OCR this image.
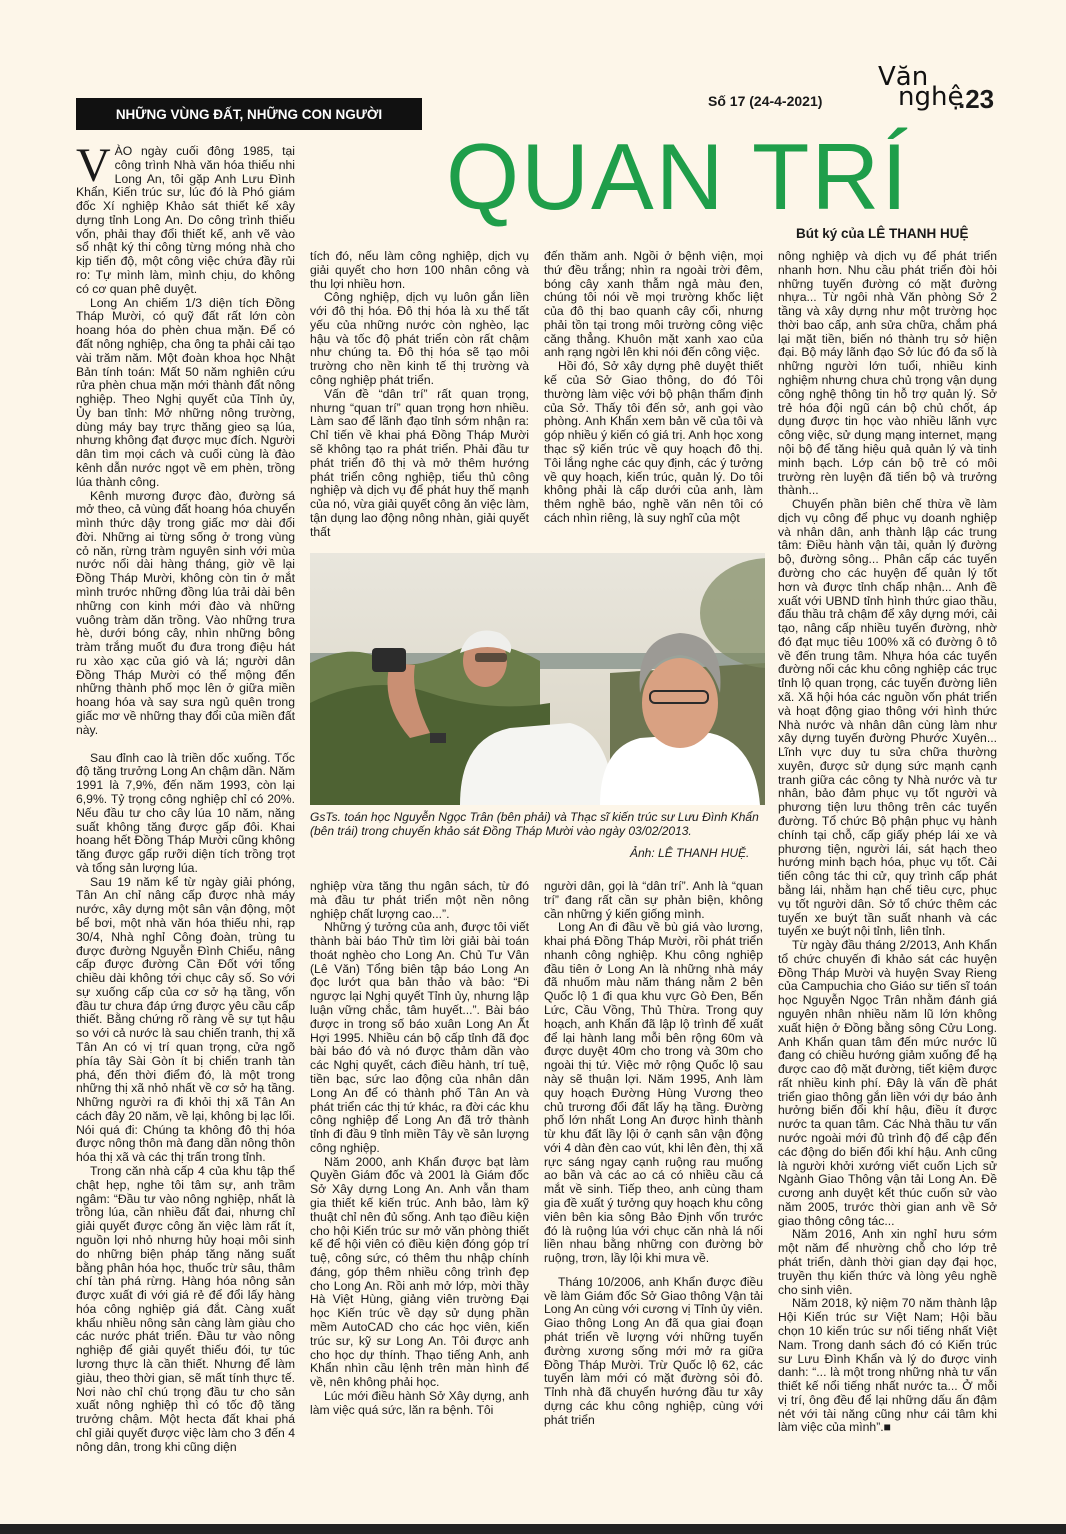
NHỮNG VÙNG ĐẤT, NHỮNG CON NGƯỜI
Số 17 (24-4-2021)
Văn
nghệ
.23
QUAN TRÍ
Bút ký của LÊ THANH HUỆ
V ÀO ngày cuối đông 1985, tại công trình Nhà văn hóa thiếu nhi Long An, tôi gặp Anh Lưu Đình Khẩn, Kiến trúc sư, lúc đó là Phó giám đốc Xí nghiệp Khảo sát thiết kế xây dựng tỉnh Long An. Do công trình thiếu vốn, phải thay đổi thiết kế, anh vẽ vào sổ nhật ký thi công từng móng nhà cho kịp tiến độ, một công việc chứa đầy rủi ro: Tự mình làm, mình chịu, do không có cơ quan phê duyệt.

Long An chiếm 1/3 diện tích Đồng Tháp Mười, có quỹ đất rất lớn còn hoang hóa do phèn chua mặn. Để có đất nông nghiệp, cha ông ta phải cải tạo vài trăm năm. Một đoàn khoa học Nhật Bản tính toán: Mất 50 năm nghiên cứu rửa phèn chua mặn mới thành đất nông nghiệp. Theo Nghị quyết của Tỉnh ủy, Ủy ban tỉnh: Mở những nông trường, dùng máy bay trực thăng gieo sạ lúa, nhưng không đạt được mục đích. Người dân tìm mọi cách và cuối cùng là đào kênh dẫn nước ngọt về em phèn, trồng lúa thành công.

Kênh mương được đào, đường sá mở theo, cả vùng đất hoang hóa chuyển mình thức dậy trong giấc mơ dài đổi đời. Những ai từng sống ở trong vùng cỏ năn, rừng tràm nguyên sinh với mùa nước nổi dài hàng tháng, giờ về lại Đồng Tháp Mười, không còn tin ở mắt mình trước những đồng lúa trải dài bên những con kinh mới đào và những vuông tràm dăn trồng. Vào những trưa hè, dưới bóng cây, nhìn những bông tràm trắng muốt đu đưa trong điệu hát ru xào xạc của gió và lá; người dân Đồng Tháp Mười có thể mộng đến những thành phố mọc lên ở giữa miền hoang hóa và say sưa ngủ quên trong giấc mơ về những thay đổi của miền đất này.

Sau đỉnh cao là triền dốc xuống. Tốc độ tăng trưởng Long An chậm dần. Năm 1991 là 7,9%, đến năm 1993, còn lại 6,9%. Tỷ trọng công nghiệp chỉ có 20%. Nếu đầu tư cho cây lúa 10 năm, năng suất không tăng được gấp đôi. Khai hoang hết Đồng Tháp Mười cũng không tăng được gấp rưỡi diện tích trồng trọt và tổng sản lượng lúa.

Sau 19 năm kể từ ngày giải phóng, Tân An chỉ nâng cấp được nhà máy nước, xây dựng một sân vận động, một bể bơi, một nhà văn hóa thiếu nhi, rạp 30/4, Nhà nghỉ Công đoàn, trùng tu được đường Nguyễn Đình Chiểu, nâng cấp được đường Cần Đốt với tổng chiều dài không tới chục cây số. So với sự xuống cấp của cơ sở hạ tầng, vốn đầu tư chưa đáp ứng được yêu cầu cấp thiết. Bằng chứng rõ ràng về sự tụt hậu so với cả nước là sau chiến tranh, thị xã Tân An có vị trí quan trọng, cửa ngõ phía tây Sài Gòn ít bị chiến tranh tàn phá, đến thời điểm đó, là một trong những thị xã nhỏ nhất về cơ sở hạ tầng. Những người ra đi khỏi thị xã Tân An cách đây 20 năm, về lại, không bị lạc lối. Nói quá đi: Chúng ta không đô thị hóa được nông thôn mà đang dần nông thôn hóa thị xã và các thị trấn trong tỉnh.

Trong căn nhà cấp 4 của khu tập thể chật hẹp, nghe tôi tâm sự, anh trầm ngâm: “Đầu tư vào nông nghiệp, nhất là trồng lúa, cần nhiều đất đai, nhưng chỉ giải quyết được công ăn việc làm rất ít, nguồn lợi nhỏ nhưng hủy hoại môi sinh do những biện pháp tăng năng suất bằng phân hóa học, thuốc trừ sâu, thâm chí tàn phá rừng. Hàng hóa nông sản được xuất đi với giá rẻ để đổi lấy hàng hóa công nghiệp giá đắt. Càng xuất khẩu nhiều nông sản càng làm giàu cho các nước phát triển. Đầu tư vào nông nghiệp để giải quyết thiếu đói, tự túc lương thực là cần thiết. Nhưng để làm giàu, theo thời gian, sẽ mất tính thực tế. Nơi nào chỉ chú trọng đầu tư cho sản xuất nông nghiệp thì có tốc độ tăng trưởng chậm. Một hecta đất khai phá chỉ giải quyết được việc làm cho 3 đến 4 nông dân, trong khi cũng diện

tích đó, nếu làm công nghiệp, dịch vụ giải quyết cho hơn 100 nhân công và thu lợi nhiều hơn.

Công nghiệp, dịch vụ luôn gắn liền với đô thị hóa. Đô thị hóa là xu thế tất yếu của những nước còn nghèo, lạc hậu và tốc độ phát triển còn rất chậm như chúng ta. Đô thị hóa sẽ tạo môi trường cho nền kinh tế thị trường và công nghiệp phát triển.

Vấn đề “dân trí” rất quan trọng, nhưng “quan trí” quan trọng hơn nhiều. Làm sao để lãnh đạo tỉnh sớm nhận ra: Chỉ tiến về khai phá Đồng Tháp Mười sẽ không tạo ra phát triển. Phải đầu tư phát triển đô thị và mở thêm hướng phát triển công nghiệp, tiểu thủ công nghiệp và dịch vụ để phát huy thế mạnh của nó, vừa giải quyết công ăn việc làm, tận dụng lao động nông nhàn, giải quyết thất

đến thăm anh. Ngồi ở bệnh viện, mọi thứ đều trắng; nhìn ra ngoài trời đêm, bóng cây xanh thẫm ngả màu đen, chúng tôi nói về mọi trường khốc liệt của đô thị bao quanh cây cối, nhưng phải tồn tại trong môi trường công việc căng thẳng. Khuôn mặt xanh xao của anh rạng ngời lên khi nói đến công việc.

Hồi đó, Sở xây dựng phê duyệt thiết kế của Sở Giao thông, do đó Tôi thường làm việc với bộ phận thẩm định của Sở. Thấy tôi đến sở, anh gọi vào phòng. Anh Khẩn xem bản vẽ của tôi và góp nhiều ý kiến có giá trị. Anh học xong thạc sỹ kiến trúc về quy hoạch đô thị. Tôi lắng nghe các quy định, các ý tưởng về quy hoạch, kiến trúc, quản lý. Do tôi không phải là cấp dưới của anh, làm thêm nghề báo, nghề văn nên tôi có cách nhìn riêng, là suy nghĩ của một

GsTs. toán học Nguyễn Ngọc Trân (bên phải) và Thạc sĩ kiến trúc sư Lưu Đình Khẩn (bên trái) trong chuyến khảo sát Đồng Tháp Mười vào ngày 03/02/2013.
Ảnh: LÊ THANH HUỆ.

nghiệp vừa tăng thu ngân sách, từ đó mà đầu tư phát triển một nền nông nghiệp chất lượng cao...”.

Những ý tưởng của anh, được tôi viết thành bài báo Thử tìm lời giải bài toán thoát nghèo cho Long An. Chủ Tư Vân (Lê Văn) Tổng biên tập báo Long An đọc lướt qua bản thảo và bảo: “Đi ngược lại Nghị quyết Tỉnh ủy, nhưng lập luận vững chắc, tâm huyết...”. Bài báo được in trong số báo xuân Long An Ất Hợi 1995. Nhiều cán bộ cấp tỉnh đã đọc bài báo đó và nó được thảm dần vào các Nghị quyết, cách điều hành, trí tuệ, tiền bạc, sức lao động của nhân dân Long An để có thành phố Tân An và phát triển các thị tứ khác, ra đời các khu công nghiệp để Long An đã trở thành tỉnh đi đầu 9 tỉnh miền Tây về sản lượng công nghiệp.

Năm 2000, anh Khẩn được bạt làm Quyền Giám đốc và 2001 là Giám đốc Sở Xây dựng Long An. Anh vẫn tham gia thiết kế kiến trúc. Anh bảo, làm kỹ thuật chỉ nên đủ sống. Anh tạo điều kiện cho hội Kiến trúc sư mở văn phòng thiết kế để hội viên có điều kiện đóng góp trí tuệ, công sức, có thêm thu nhập chính đáng, góp thêm nhiều công trình đẹp cho Long An. Rồi anh mở lớp, mời thầy Hà Việt Hùng, giảng viên trường Đại học Kiến trúc về dạy sử dụng phần mềm AutoCAD cho các học viên, kiến trúc sư, kỹ sư Long An. Tôi được anh cho học dự thính. Thạo tiếng Anh, anh Khẩn nhìn cầu lệnh trên màn hình để về, nên không phải học.

Lúc mới điều hành Sở Xây dựng, anh làm việc quá sức, lăn ra bệnh. Tôi

người dân, gọi là “dân trí”. Anh là “quan trí” đang rất cần sự phản biện, không cần những ý kiến giống mình.

Long An đi đầu về bù giá vào lương, khai phá Đồng Tháp Mười, rồi phát triển nhanh công nghiệp. Khu công nghiệp đầu tiên ở Long An là những nhà máy đã nhuốm màu năm tháng nằm 2 bên Quốc lộ 1 đi qua khu vực Gò Đen, Bến Lức, Cầu Vồng, Thủ Thừa. Trong quy hoạch, anh Khẩn đã lập lộ trình để xuất để lại hành lang mỗi bên rộng 60m và được duyệt 40m cho trong và 30m cho ngoài thị tứ. Việc mở rộng Quốc lộ sau này sẽ thuận lợi. Năm 1995, Anh làm quy hoạch Đường Hùng Vương theo chủ trương đổi đất lấy hạ tầng. Đường phố lớn nhất Long An được hình thành từ khu đất lầy lội ở cạnh sân vận động với 4 dàn đèn cao vút, khi lên đèn, thị xã rực sáng ngay cạnh ruộng rau muống ao bần và các ao cá có nhiều cầu cá mắt về sinh. Tiếp theo, anh cùng tham gia đề xuất ý tưởng quy hoạch khu công viên bên kia sông Bảo Định vốn trước đó là ruộng lúa với chục căn nhà lá nối liền nhau bằng những con đường bờ ruộng, trơn, lầy lội khi mưa về.

Tháng 10/2006, anh Khẩn được điều về làm Giám đốc Sở Giao thông Vận tải Long An cùng với cương vị Tỉnh ủy viên. Giao thông Long An đã qua giai đoạn phát triển về lượng với những tuyến đường xương sống mới mở ra giữa Đồng Tháp Mười. Trừ Quốc lộ 62, các tuyến làm mới có mặt đường sỏi đỏ. Tỉnh nhà đã chuyển hướng đầu tư xây dựng các khu công nghiệp, cùng với phát triển

nông nghiệp và dịch vụ để phát triển nhanh hơn. Nhu cầu phát triển đòi hỏi những tuyến đường có mặt đường nhựa... Từ ngôi nhà Văn phòng Sở 2 tầng và xây dựng như một trường học thời bao cấp, anh sửa chữa, chắm phá lại mặt tiền, biến nó thành trụ sở hiện đại. Bộ máy lãnh đạo Sở lúc đó đa số là những người lớn tuổi, nhiều kinh nghiệm nhưng chưa chủ trọng vận dụng công nghệ thông tin hỗ trợ quản lý. Sở trẻ hóa đội ngũ cán bộ chủ chốt, áp dụng được tin học vào nhiều lãnh vực công việc, sử dụng mạng internet, mạng nội bộ để tăng hiệu quả quản lý và tinh minh bạch. Lớp cán bộ trẻ có môi trường rèn luyện đã tiến bộ và trưởng thành...

Chuyển phần biên chế thừa về làm dịch vụ công để phục vụ doanh nghiệp và nhân dân, anh thành lập các trung tâm: Điều hành vận tải, quản lý đường bộ, đường sông... Phân cấp các tuyến đường cho các huyện để quản lý tốt hơn và được tỉnh chấp nhận... Anh đề xuất với UBND tỉnh hình thức giao thầu, đấu thầu trả chậm để xây dựng mới, cải tạo, nâng cấp nhiều tuyến đường, nhờ đó đạt mục tiêu 100% xã có đường ô tô về đến trung tâm. Nhựa hóa các tuyến đường nối các khu công nghiệp các trục tỉnh lộ quan trọng, các tuyến đường liên xã. Xã hội hóa các nguồn vốn phát triển và hoạt động giao thông với hình thức Nhà nước và nhân dân cùng làm như xây dựng tuyến đường Phước Xuyên... Lĩnh vực duy tu sửa chữa thường xuyên, được sử dụng sức mạnh cạnh tranh giữa các công ty Nhà nước và tư nhân, bảo đảm phục vụ tốt người và phương tiện lưu thông trên các tuyến đường. Tổ chức Bộ phận phục vụ hành chính tại chỗ, cấp giấy phép lái xe và phương tiện, người lái, sát hạch theo hướng minh bạch hóa, phục vụ tốt. Cải tiến công tác thi cử, quy trình cấp phát bằng lái, nhằm hạn chế tiêu cực, phục vụ tốt người dân. Sở tổ chức thêm các tuyến xe buýt tần suất nhanh và các tuyến xe buýt nội tỉnh, liên tỉnh.

Từ ngày đầu tháng 2/2013, Anh Khẩn tổ chức chuyến đi khảo sát các huyện Đồng Tháp Mười và huyện Svay Rieng của Campuchia cho Giáo sư tiến sĩ toán học Nguyễn Ngọc Trân nhằm đánh giá nguyên nhân nhiều năm lũ lớn không xuất hiện ở Đồng bằng sông Cửu Long. Anh Khẩn quan tâm đến mức nước lũ đang có chiều hướng giảm xuống để hạ được cao độ mặt đường, tiết kiệm được rất nhiều kinh phí. Đây là vấn đề phát triển giao thông gắn liền với dự báo ảnh hưởng biến đổi khí hậu, điều ít được nước ta quan tâm. Các Nhà thầu tư vấn nước ngoài mới đủ trình độ để cập đến các động do biến đổi khí hậu. Anh cũng là người khởi xướng viết cuốn Lịch sử Ngành Giao Thông vận tải Long An. Đề cương anh duyệt kết thúc cuốn sử vào năm 2005, trước thời gian anh về Sở giao thông công tác...

Năm 2016, Anh xin nghỉ hưu sớm một năm để nhường chỗ cho lớp trẻ phát triển, dành thời gian dạy đại học, truyền thụ kiến thức và lòng yêu nghề cho sinh viên.

Năm 2018, kỷ niệm 70 năm thành lập Hội Kiến trúc sư Việt Nam; Hội bầu chọn 10 kiến trúc sư nổi tiếng nhất Việt Nam. Trong danh sách đó có Kiến trúc sư Lưu Đình Khẩn và lý do được vinh danh: “... là một trong những nhà tư vấn thiết kế nổi tiếng nhất nước ta... Ở mỗi vị trí, ông đều để lại những dấu ấn đậm nét với tài năng cũng như cái tâm khi làm việc của mình”.■
